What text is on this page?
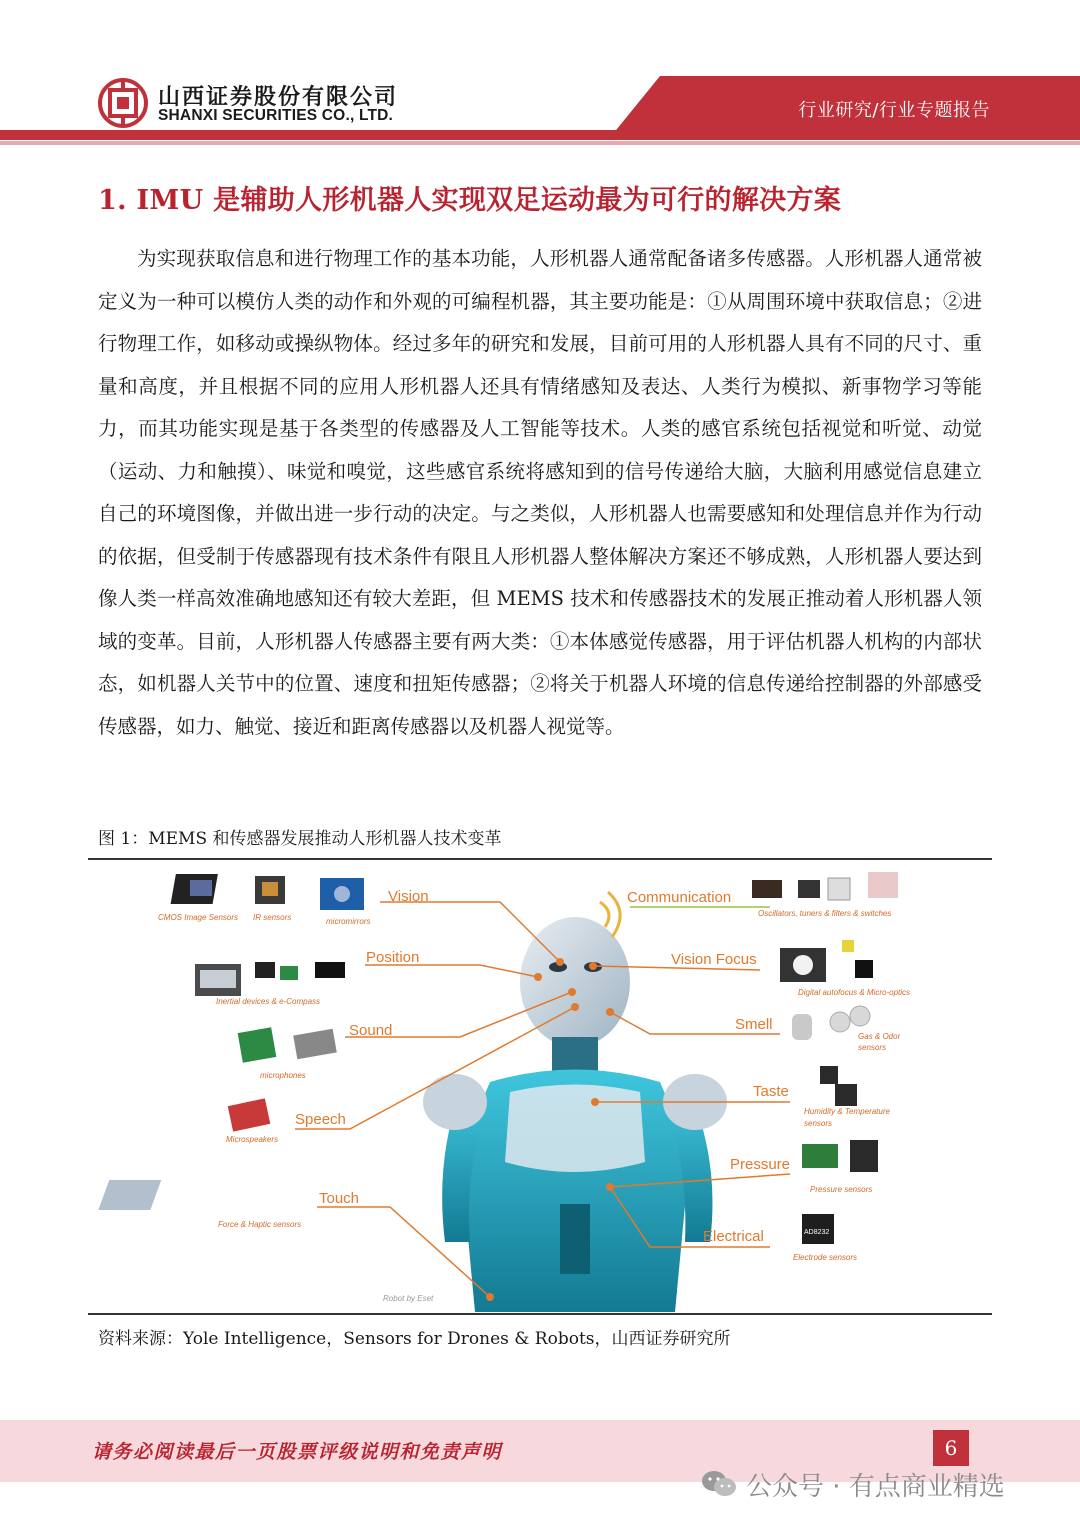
山西证券股份有限公司
SHANXI SECURITIES CO., LTD.	行业研究/行业专题报告
1. IMU 是辅助人形机器人实现双足运动最为可行的解决方案

为实现获取信息和进行物理工作的基本功能，人形机器人通常配备诸多传感器。人形机器人通常被定义为一种可以模仿人类的动作和外观的可编程机器，其主要功能是：①从周围环境中获取信息；②进行物理工作，如移动或操纵物体。经过多年的研究和发展，目前可用的人形机器人具有不同的尺寸、重量和高度，并且根据不同的应用人形机器人还具有情绪感知及表达、人类行为模拟、新事物学习等能力，而其功能实现是基于各类型的传感器及人工智能等技术。人类的感官系统包括视觉和听觉、动觉（运动、力和触摸）、味觉和嗅觉，这些感官系统将感知到的信号传递给大脑，大脑利用感觉信息建立自己的环境图像，并做出进一步行动的决定。与之类似，人形机器人也需要感知和处理信息并作为行动的依据，但受制于传感器现有技术条件有限且人形机器人整体解决方案还不够成熟，人形机器人要达到像人类一样高效准确地感知还有较大差距，但 MEMS 技术和传感器技术的发展正推动着人形机器人领域的变革。目前，人形机器人传感器主要有两大类：①本体感觉传感器，用于评估机器人机构的内部状态，如机器人关节中的位置、速度和扭矩传感器；②将关于机器人环境的信息传递给控制器的外部感受传感器，如力、触觉、接近和距离传感器以及机器人视觉等。

图 1：MEMS 和传感器发展推动人形机器人技术变革
Vision
Position
Sound
Speech
Touch
Communication
Vision Focus
Smell
Taste
Pressure
Electrical
CMOS Image Sensors IR sensors	micromirrors
Inertial devices & e-Compass
microphones
Microspeakers
Force & Haptic sensors
Oscillators, tuners & filters & switches
Digital autofocus & Micro-optics
Gas & Odor
sensors
Humidity & Temperature
sensors
Pressure sensors
Electrode sensors
AD8232
Robot by Eset
资料来源：Yole Intelligence，Sensors for Drones & Robots，山西证券研究所
请务必阅读最后一页股票评级说明和免责声明	6
公众号 · 有点商业精选
